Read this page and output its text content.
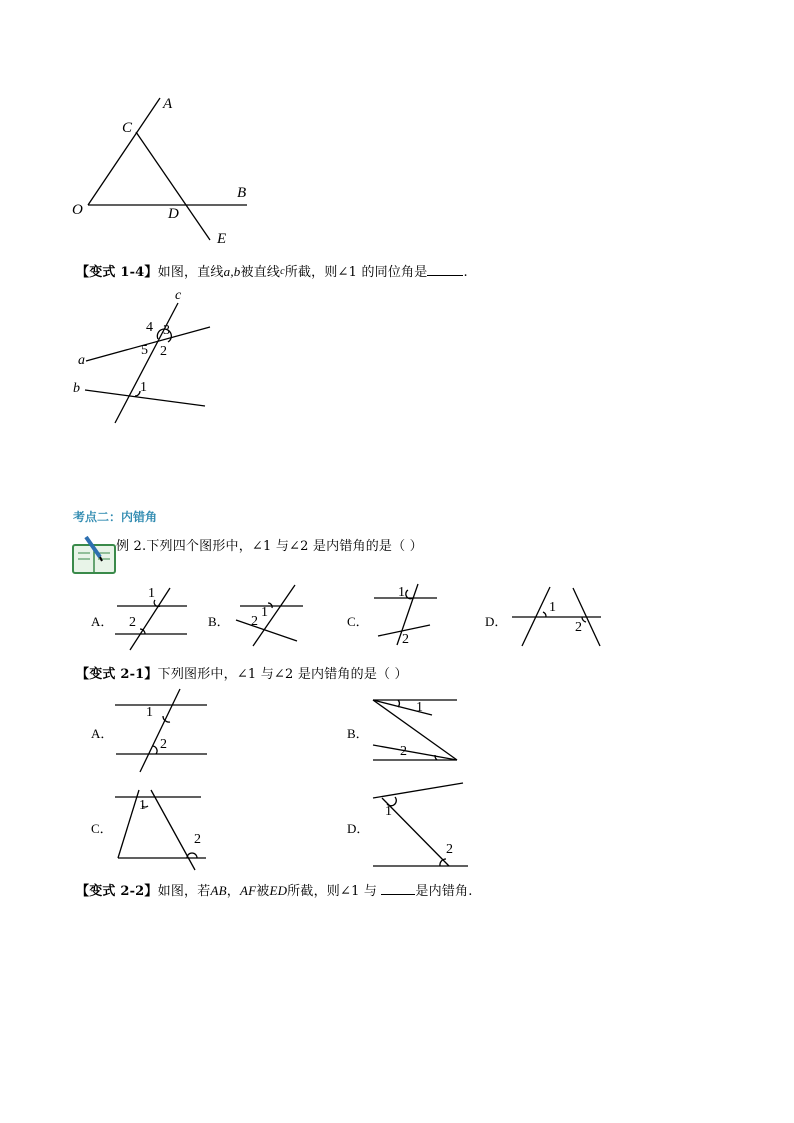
A
C
B
O	D
E
【变式 1-4】如图，直线a,b被直线c所截，则∠1 的同位角是	.
c
a
b
4 3
5 2
1
考点二：内错角
例 2.下列四个图形中，∠1 与∠2 是内错角的是（ ）
A．	B．	C．	D．
1
2
1
2
1
2
1
2
【变式 2-1】下列图形中，∠1 与∠2 是内错角的是（ ）
A．	B．
C．	D．
1
2
1
2
1
2
1
2
【变式 2-2】如图，若AB，AF被ED所截，则∠1 与	是内错角.
